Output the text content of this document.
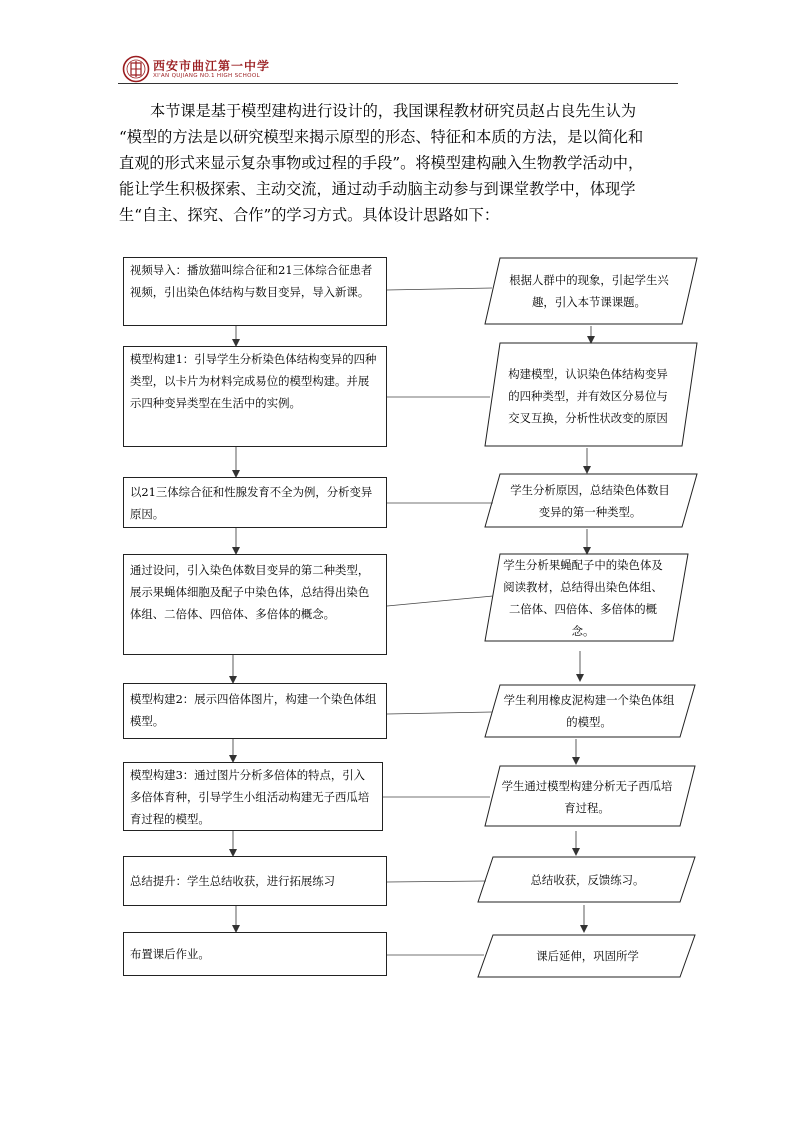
西安市曲江第一中学
XI'AN QUJIANG NO.1 HIGH SCHOOL

本节课是基于模型建构进行设计的，我国课程教材研究员赵占良先生认为

“模型的方法是以研究模型来揭示原型的形态、特征和本质的方法，是以简化和

直观的形式来显示复杂事物或过程的手段”。将模型建构融入生物教学活动中，

能让学生积极探索、主动交流，通过动手动脑主动参与到课堂教学中，体现学

生“自主、探究、合作”的学习方式。具体设计思路如下：

视频导入：播放猫叫综合征和21三体综合征患者视频，引出染色体结构与数目变异，导入新课。
模型构建1：引导学生分析染色体结构变异的四种类型，以卡片为材料完成易位的模型构建。并展示四种变异类型在生活中的实例。
以21三体综合征和性腺发育不全为例，分析变异原因。
通过设问，引入染色体数目变异的第二种类型，展示果蝇体细胞及配子中染色体，总结得出染色体组、二倍体、四倍体、多倍体的概念。
模型构建2：展示四倍体图片，构建一个染色体组模型。
模型构建3：通过图片分析多倍体的特点，引入多倍体育种，引导学生小组活动构建无子西瓜培育过程的模型。
总结提升：学生总结收获，进行拓展练习
布置课后作业。
根据人群中的现象，引起学生兴趣，引入本节课课题。
构建模型，认识染色体结构变异的四种类型，并有效区分易位与交叉互换，分析性状改变的原因
学生分析原因，总结染色体数目变异的第一种类型。
学生分析果蝇配子中的染色体及阅读教材，总结得出染色体组、二倍体、四倍体、多倍体的概念。
学生利用橡皮泥构建一个染色体组的模型。
学生通过模型构建分析无子西瓜培育过程。
总结收获，反馈练习。
课后延伸，巩固所学
